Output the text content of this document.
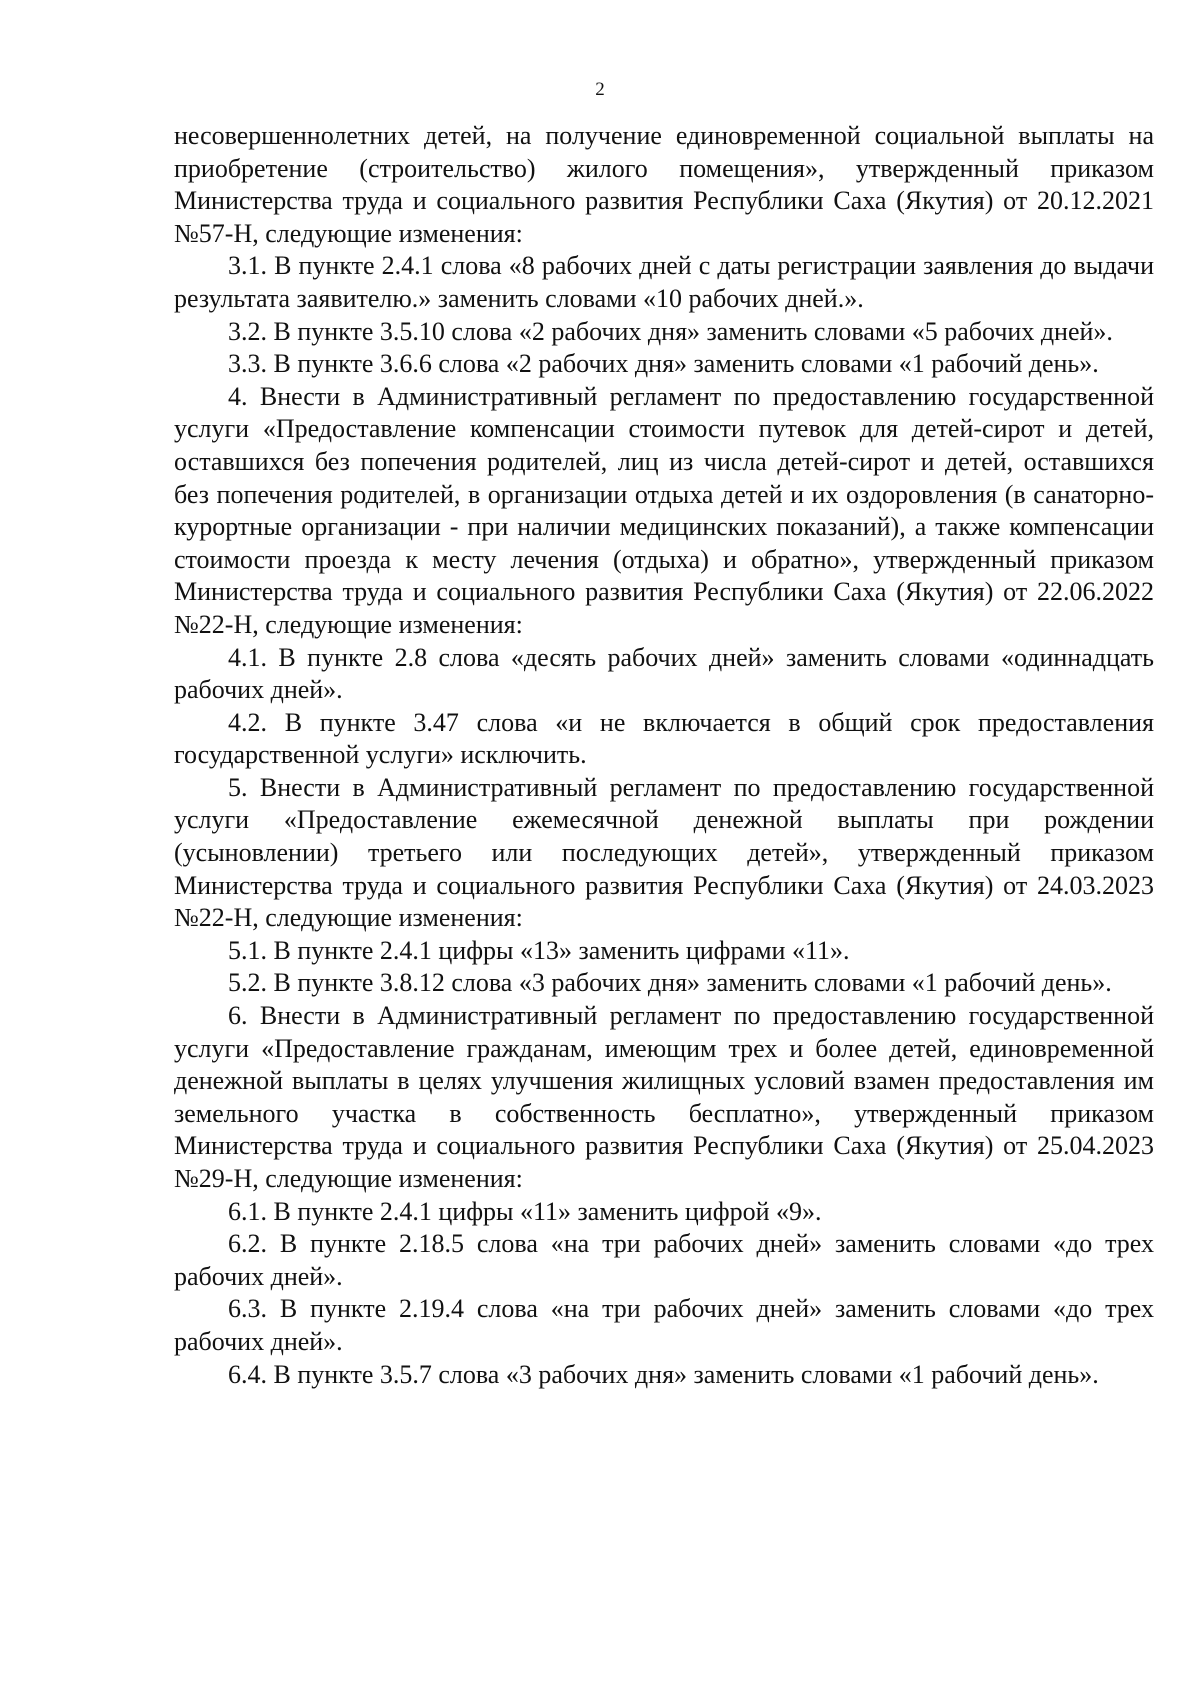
2

несовершеннолетних детей, на получение единовременной социальной выплаты на приобретение (строительство) жилого помещения», утвержденный приказом Министерства труда и социального развития Республики Саха (Якутия) от 20.12.2021 №57-Н, следующие изменения:

3.1. В пункте 2.4.1 слова «8 рабочих дней с даты регистрации заявления до выдачи результата заявителю.» заменить словами «10 рабочих дней.».

3.2. В пункте 3.5.10 слова «2 рабочих дня» заменить словами «5 рабочих дней».

3.3. В пункте 3.6.6 слова «2 рабочих дня» заменить словами «1 рабочий день».

4. Внести в Административный регламент по предоставлению государственной услуги «Предоставление компенсации стоимости путевок для детей-сирот и детей, оставшихся без попечения родителей, лиц из числа детей-сирот и детей, оставшихся без попечения родителей, в организации отдыха детей и их оздоровления (в санаторно-курортные организации - при наличии медицинских показаний), а также компенсации стоимости проезда к месту лечения (отдыха) и обратно», утвержденный приказом Министерства труда и социального развития Республики Саха (Якутия) от 22.06.2022 №22-Н, следующие изменения:

4.1. В пункте 2.8 слова «десять рабочих дней» заменить словами «одиннадцать рабочих дней».

4.2. В пункте 3.47 слова «и не включается в общий срок предоставления государственной услуги» исключить.

5. Внести в Административный регламент по предоставлению государственной услуги «Предоставление ежемесячной денежной выплаты при рождении (усыновлении) третьего или последующих детей», утвержденный приказом Министерства труда и социального развития Республики Саха (Якутия) от 24.03.2023 №22-Н, следующие изменения:

5.1. В пункте 2.4.1 цифры «13» заменить цифрами «11».

5.2. В пункте 3.8.12 слова «3 рабочих дня» заменить словами «1 рабочий день».

6. Внести в Административный регламент по предоставлению государственной услуги «Предоставление гражданам, имеющим трех и более детей, единовременной денежной выплаты в целях улучшения жилищных условий взамен предоставления им земельного участка в собственность бесплатно», утвержденный приказом Министерства труда и социального развития Республики Саха (Якутия) от 25.04.2023 №29-Н, следующие изменения:

6.1. В пункте 2.4.1 цифры «11» заменить цифрой «9».

6.2. В пункте 2.18.5 слова «на три рабочих дней» заменить словами «до трех рабочих дней».

6.3. В пункте 2.19.4 слова «на три рабочих дней» заменить словами «до трех рабочих дней».

6.4. В пункте 3.5.7 слова «3 рабочих дня» заменить словами «1 рабочий день».
